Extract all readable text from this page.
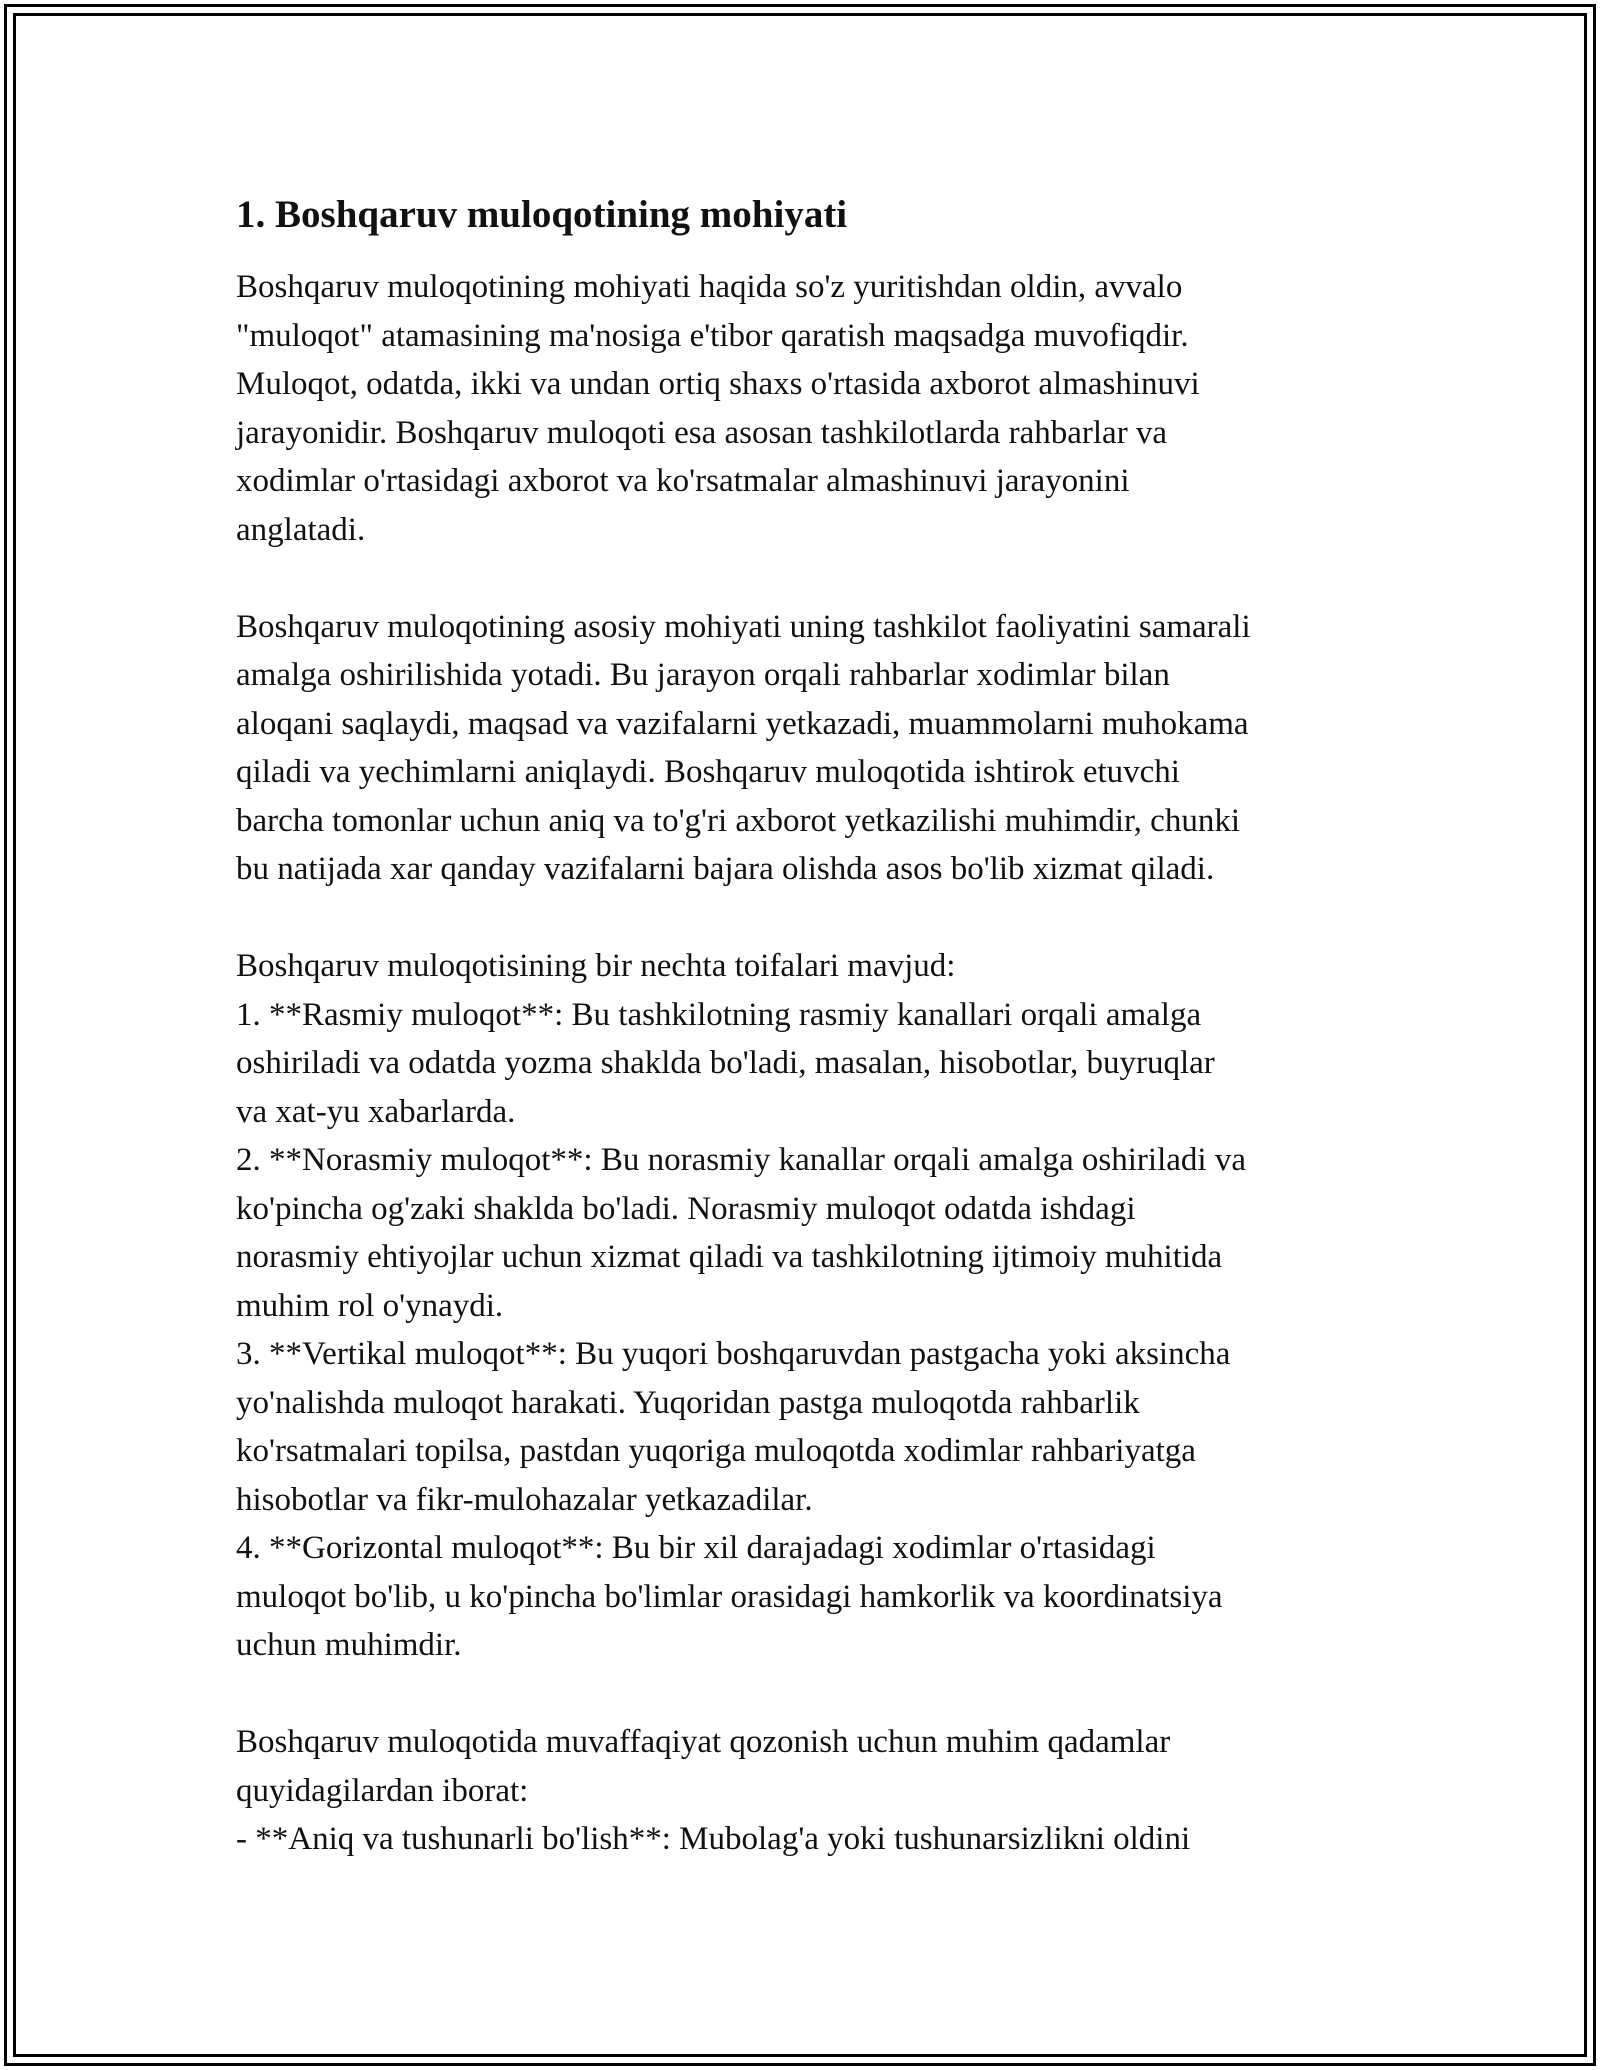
1. Boshqaruv muloqotining mohiyati
Boshqaruv muloqotining mohiyati haqida so'z yuritishdan oldin, avvalo
"muloqot" atamasining ma'nosiga e'tibor qaratish maqsadga muvofiqdir.
Muloqot, odatda, ikki va undan ortiq shaxs o'rtasida axborot almashinuvi
jarayonidir. Boshqaruv muloqoti esa asosan tashkilotlarda rahbarlar va
xodimlar o'rtasidagi axborot va ko'rsatmalar almashinuvi jarayonini
anglatadi.
Boshqaruv muloqotining asosiy mohiyati uning tashkilot faoliyatini samarali
amalga oshirilishida yotadi. Bu jarayon orqali rahbarlar xodimlar bilan
aloqani saqlaydi, maqsad va vazifalarni yetkazadi, muammolarni muhokama
qiladi va yechimlarni aniqlaydi. Boshqaruv muloqotida ishtirok etuvchi
barcha tomonlar uchun aniq va to'g'ri axborot yetkazilishi muhimdir, chunki
bu natijada xar qanday vazifalarni bajara olishda asos bo'lib xizmat qiladi.
Boshqaruv muloqotisining bir nechta toifalari mavjud:
1. **Rasmiy muloqot**: Bu tashkilotning rasmiy kanallari orqali amalga
oshiriladi va odatda yozma shaklda bo'ladi, masalan, hisobotlar, buyruqlar
va xat-yu xabarlarda.
2. **Norasmiy muloqot**: Bu norasmiy kanallar orqali amalga oshiriladi va
ko'pincha og'zaki shaklda bo'ladi. Norasmiy muloqot odatda ishdagi
norasmiy ehtiyojlar uchun xizmat qiladi va tashkilotning ijtimoiy muhitida
muhim rol o'ynaydi.
3. **Vertikal muloqot**: Bu yuqori boshqaruvdan pastgacha yoki aksincha
yo'nalishda muloqot harakati. Yuqoridan pastga muloqotda rahbarlik
ko'rsatmalari topilsa, pastdan yuqoriga muloqotda xodimlar rahbariyatga
hisobotlar va fikr-mulohazalar yetkazadilar.
4. **Gorizontal muloqot**: Bu bir xil darajadagi xodimlar o'rtasidagi
muloqot bo'lib, u ko'pincha bo'limlar orasidagi hamkorlik va koordinatsiya
uchun muhimdir.
Boshqaruv muloqotida muvaffaqiyat qozonish uchun muhim qadamlar
quyidagilardan iborat:
- **Aniq va tushunarli bo'lish**: Mubolag'a yoki tushunarsizlikni oldini
